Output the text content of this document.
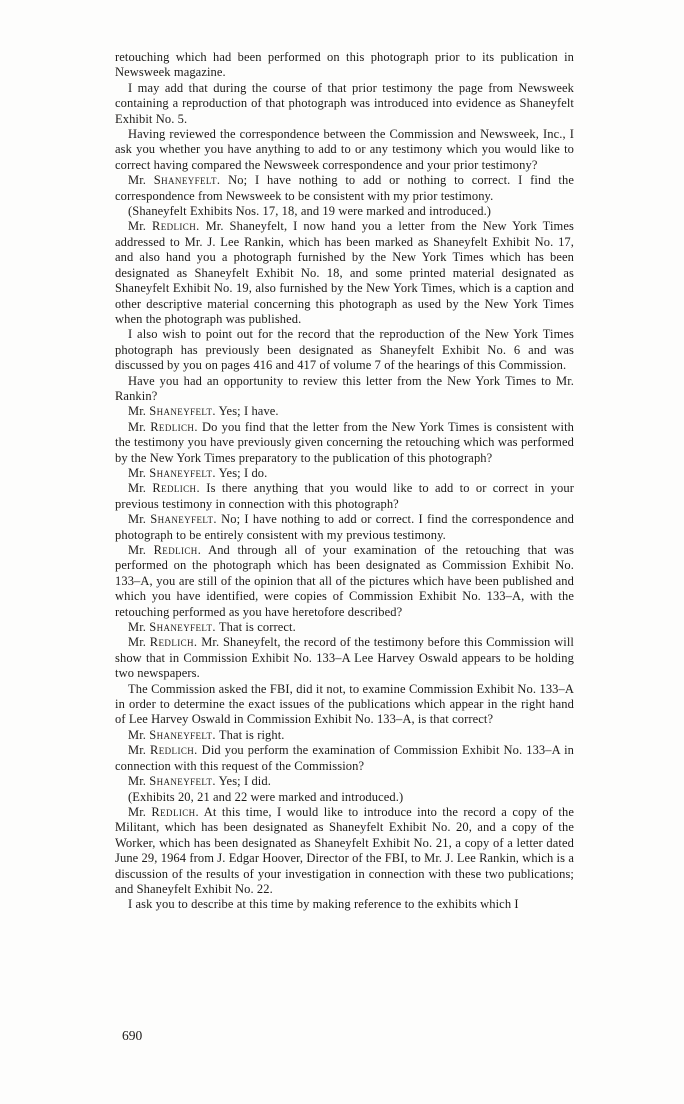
retouching which had been performed on this photograph prior to its publication in Newsweek magazine.

I may add that during the course of that prior testimony the page from Newsweek containing a reproduction of that photograph was introduced into evidence as Shaneyfelt Exhibit No. 5.

Having reviewed the correspondence between the Commission and Newsweek, Inc., I ask you whether you have anything to add to or any testimony which you would like to correct having compared the Newsweek correspondence and your prior testimony?

Mr. Shaneyfelt. No; I have nothing to add or nothing to correct. I find the correspondence from Newsweek to be consistent with my prior testimony.

(Shaneyfelt Exhibits Nos. 17, 18, and 19 were marked and introduced.)

Mr. Redlich. Mr. Shaneyfelt, I now hand you a letter from the New York Times addressed to Mr. J. Lee Rankin, which has been marked as Shaneyfelt Exhibit No. 17, and also hand you a photograph furnished by the New York Times which has been designated as Shaneyfelt Exhibit No. 18, and some printed material designated as Shaneyfelt Exhibit No. 19, also furnished by the New York Times, which is a caption and other descriptive material concerning this photograph as used by the New York Times when the photograph was published.

I also wish to point out for the record that the reproduction of the New York Times photograph has previously been designated as Shaneyfelt Exhibit No. 6 and was discussed by you on pages 416 and 417 of volume 7 of the hearings of this Commission.

Have you had an opportunity to review this letter from the New York Times to Mr. Rankin?

Mr. Shaneyfelt. Yes; I have.

Mr. Redlich. Do you find that the letter from the New York Times is consistent with the testimony you have previously given concerning the retouching which was performed by the New York Times preparatory to the publication of this photograph?

Mr. Shaneyfelt. Yes; I do.

Mr. Redlich. Is there anything that you would like to add to or correct in your previous testimony in connection with this photograph?

Mr. Shaneyfelt. No; I have nothing to add or correct. I find the correspondence and photograph to be entirely consistent with my previous testimony.

Mr. Redlich. And through all of your examination of the retouching that was performed on the photograph which has been designated as Commission Exhibit No. 133–A, you are still of the opinion that all of the pictures which have been published and which you have identified, were copies of Commission Exhibit No. 133–A, with the retouching performed as you have heretofore described?

Mr. Shaneyfelt. That is correct.

Mr. Redlich. Mr. Shaneyfelt, the record of the testimony before this Commission will show that in Commission Exhibit No. 133–A Lee Harvey Oswald appears to be holding two newspapers.

The Commission asked the FBI, did it not, to examine Commission Exhibit No. 133–A in order to determine the exact issues of the publications which appear in the right hand of Lee Harvey Oswald in Commission Exhibit No. 133–A, is that correct?

Mr. Shaneyfelt. That is right.

Mr. Redlich. Did you perform the examination of Commission Exhibit No. 133–A in connection with this request of the Commission?

Mr. Shaneyfelt. Yes; I did.

(Exhibits 20, 21 and 22 were marked and introduced.)

Mr. Redlich. At this time, I would like to introduce into the record a copy of the Militant, which has been designated as Shaneyfelt Exhibit No. 20, and a copy of the Worker, which has been designated as Shaneyfelt Exhibit No. 21, a copy of a letter dated June 29, 1964 from J. Edgar Hoover, Director of the FBI, to Mr. J. Lee Rankin, which is a discussion of the results of your investigation in connection with these two publications; and Shaneyfelt Exhibit No. 22.

I ask you to describe at this time by making reference to the exhibits which I

690
